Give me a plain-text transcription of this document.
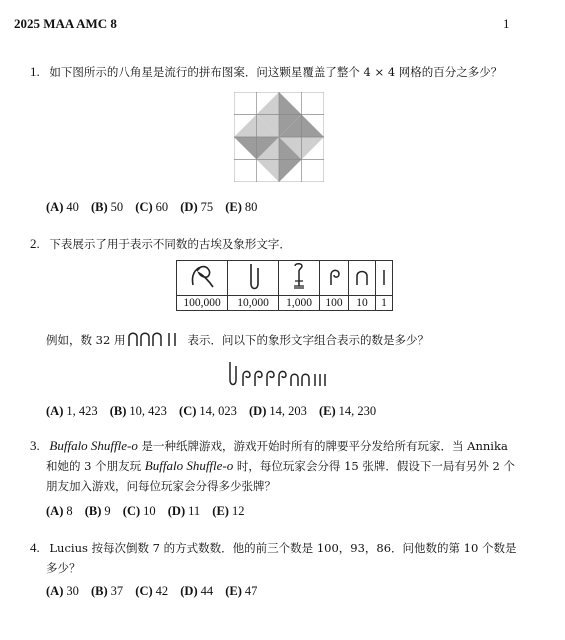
2025 MAA AMC 8	1
1. 如下图所示的八角星是流行的拼布图案．问这颗星覆盖了整个 4 × 4 网格的百分之多少？
(A) 40 (B) 50 (C) 60 (D) 75 (E) 80
2. 下表展示了用于表示不同数的古埃及象形文字．

100,000	10,000	1,000	100	10	1
例如，数 32 用	表示．问以下的象形文字组合表示的数是多少？
(A) 1, 423 (B) 10, 423 (C) 14, 023 (D) 14, 203 (E) 14, 230
3. Buffalo Shuffle-o 是一种纸牌游戏，游戏开始时所有的牌要平分发给所有玩家．当 Annika
和她的 3 个朋友玩 Buffalo Shuffle-o 时，每位玩家会分得 15 张牌．假设下一局有另外 2 个
朋友加入游戏，问每位玩家会分得多少张牌？
(A) 8 (B) 9 (C) 10 (D) 11 (E) 12
4. Lucius 按每次倒数 7 的方式数数．他的前三个数是 100，93，86．问他数的第 10 个数是
多少？
(A) 30 (B) 37 (C) 42 (D) 44 (E) 47
